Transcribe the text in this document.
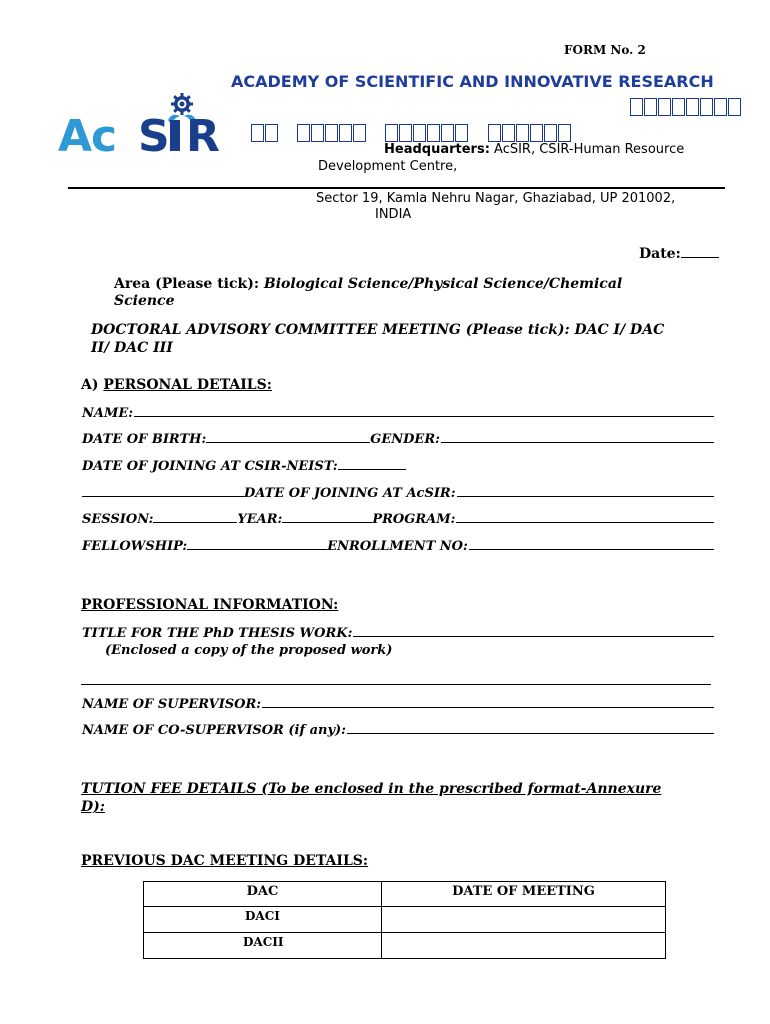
FORM No. 2
ACADEMY OF SCIENTIFIC AND INNOVATIVE RESEARCH

Ac S R	Headquarters: AcSIR, CSIR-Human Resource
Development Centre,
Sector 19, Kamla Nehru Nagar, Ghaziabad, UP 201002,
INDIA
Date:
Area (Please tick): Biological Science/Physical Science/Chemical
Science
DOCTORAL ADVISORY COMMITTEE MEETING (Please tick): DAC I/ DAC
II/ DAC III
A) PERSONAL DETAILS:
NAME:
DATE OF BIRTH:	GENDER:
DATE OF JOINING AT CSIR-NEIST:
DATE OF JOINING AT AcSIR:
SESSION:	YEAR:	PROGRAM:
FELLOWSHIP:	ENROLLMENT NO:
PROFESSIONAL INFORMATION:
TITLE FOR THE PhD THESIS WORK:
(Enclosed a copy of the proposed work)
NAME OF SUPERVISOR:
NAME OF CO-SUPERVISOR (if any):
TUTION FEE DETAILS (To be enclosed in the prescribed format-Annexure
D):
PREVIOUS DAC MEETING DETAILS:
DAC	DATE OF MEETING
DACI	
DACII	
